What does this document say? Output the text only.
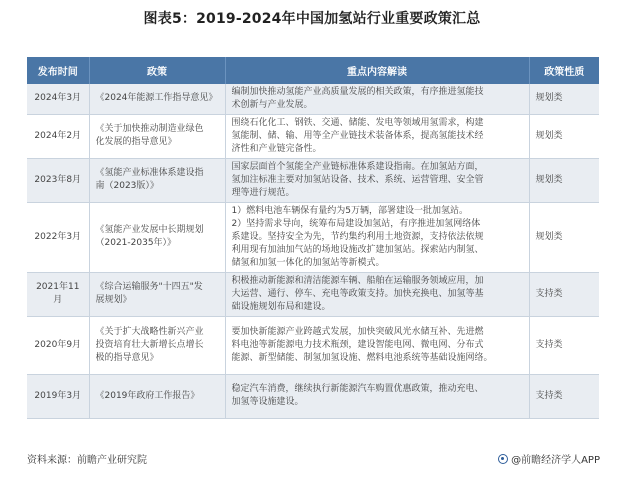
图表5：2019-2024年中国加氢站行业重要政策汇总
发布时间	政策	重点内容解读	政策性质
2024年3月	《2024年能源工作指导意见》	编制加快推动氢能产业高质量发展的相关政策，有序推进氢能技
术创新与产业发展。	规划类
2024年2月	《关于加快推动制造业绿色
化发展的指导意见》	围绕石化化工、钢铁、交通、储能、发电等领域用氢需求，构建
氢能制、储、输、用等全产业链技术装备体系，提高氢能技术经
济性和产业链完备性。	规划类
2023年8月	《氢能产业标准体系建设指
南（2023版）》	国家层面首个氢能全产业链标准体系建设指南。在加氢站方面，
氢加注标准主要对加氢站设备、技术、系统、运营管理、安全管
理等进行规范。	规划类
2022年3月	《氢能产业发展中长期规划
（2021-2035年）》	1）燃料电池车辆保有量约为5万辆，部署建设一批加氢站。
2）坚持需求导向，统筹布局建设加氢站，有序推进加氢网络体
系建设。坚持安全为先，节约集约利用土地资源，支持依法依规
利用现有加油加气站的场地设施改扩建加氢站。探索站内制氢、
储氢和加氢一体化的加氢站等新模式。	规划类
2021年11月	《综合运输服务"十四五"发
展规划》	积极推动新能源和清洁能源车辆、船舶在运输服务领域应用，加
大运营、通行、停车、充电等政策支持。加快充换电、加氢等基
础设施规划布局和建设。	支持类
2020年9月	《关于扩大战略性新兴产业
投资培育壮大新增长点增长
极的指导意见》	要加快新能源产业跨越式发展，加快突破风光水储互补、先进燃
料电池等新能源电力技术瓶颈，建设智能电网、微电网、分布式
能源、新型储能、制氢加氢设施、燃料电池系统等基础设施网络。	支持类
2019年3月	《2019年政府工作报告》	稳定汽车消费，继续执行新能源汽车购置优惠政策，推动充电、
加氢等设施建设。	支持类
资料来源：前瞻产业研究院	@前瞻经济学人APP
